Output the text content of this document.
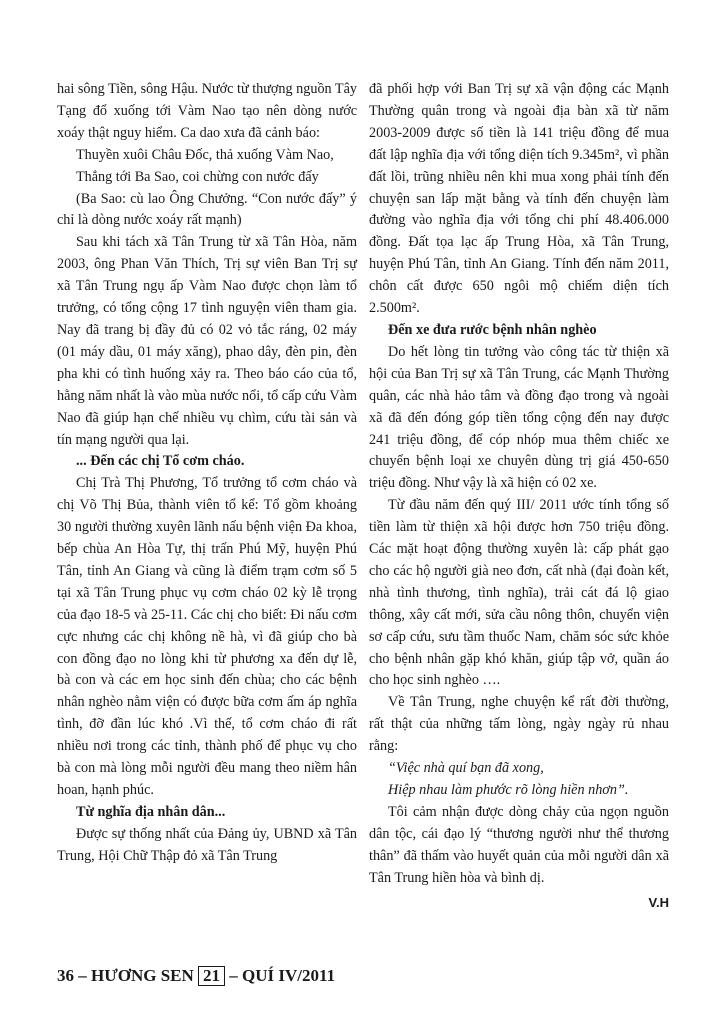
hai sông Tiền, sông Hậu. Nước từ thượng nguồn Tây Tạng đổ xuống tới Vàm Nao tạo nên dòng nước xoáy thật nguy hiểm. Ca dao xưa đã cảnh báo:

Thuyền xuôi Châu Đốc, thả xuống Vàm Nao,

Thẳng tới Ba Sao, coi chừng con nước đấy

(Ba Sao: cù lao Ông Chưởng. “Con nước đấy” ý chỉ là dòng nước xoáy rất mạnh)

Sau khi tách xã Tân Trung từ xã Tân Hòa, năm 2003, ông Phan Văn Thích, Trị sự viên Ban Trị sự xã Tân Trung ngụ ấp Vàm Nao được chọn làm tổ trưởng, có tổng cộng 17 tình nguyện viên tham gia. Nay đã trang bị đầy đủ có 02 vỏ tắc ráng, 02 máy (01 máy dầu, 01 máy xăng), phao dây, đèn pin, đèn pha khi có tình huống xảy ra. Theo báo cáo của tổ, hằng năm nhất là vào mùa nước nổi, tổ cấp cứu Vàm Nao đã giúp hạn chế nhiều vụ chìm, cứu tài sản và tín mạng người qua lại.

... Đến các chị Tổ cơm cháo.

Chị Trà Thị Phương, Tổ trưởng tổ cơm cháo và chị Võ Thị Bủa, thành viên tổ kể: Tổ gồm khoảng 30 người thường xuyên lãnh nấu bệnh viện Đa khoa, bếp chùa An Hòa Tự, thị trấn Phú Mỹ, huyện Phú Tân, tỉnh An Giang và cũng là điểm trạm cơm số 5 tại xã Tân Trung phục vụ cơm cháo 02 kỳ lễ trọng của đạo 18-5 và 25-11. Các chị cho biết: Đi nấu cơm cực nhưng các chị không nề hà, vì đã giúp cho bà con đồng đạo no lòng khi từ phương xa đến dự lễ, bà con và các em học sinh đến chùa; cho các bệnh nhân nghèo nằm viện có được bữa cơm ấm áp nghĩa tình, đỡ đần lúc khó .Vì thế, tổ cơm cháo đi rất nhiều nơi trong các tỉnh, thành phố để phục vụ cho bà con mà lòng mỗi người đều mang theo niềm hân hoan, hạnh phúc.

Từ nghĩa địa nhân dân...

Được sự thống nhất của Đảng ủy, UBND xã Tân Trung, Hội Chữ Thập đỏ xã Tân Trung

đã phối hợp với Ban Trị sự xã vận động các Mạnh Thường quân trong và ngoài địa bàn xã từ năm 2003-2009 được số tiền là 141 triệu đồng để mua đất lập nghĩa địa với tổng diện tích 9.345m², vì phần đất lồi, trũng nhiều nên khi mua xong phải tính đến chuyện san lấp mặt bằng và tính đến chuyện làm đường vào nghĩa địa với tổng chi phí 48.406.000 đồng. Đất tọa lạc ấp Trung Hòa, xã Tân Trung, huyện Phú Tân, tỉnh An Giang. Tính đến năm 2011, chôn cất được 650 ngôi mộ chiếm diện tích 2.500m².

Đến xe đưa rước bệnh nhân nghèo

Do hết lòng tin tưởng vào công tác từ thiện xã hội của Ban Trị sự xã Tân Trung, các Mạnh Thường quân, các nhà hảo tâm và đồng đạo trong và ngoài xã đã đến đóng góp tiền tổng cộng đến nay được 241 triệu đồng, để cóp nhóp mua thêm chiếc xe chuyển bệnh loại xe chuyên dùng trị giá 450-650 triệu đồng. Như vậy là xã hiện có 02 xe.

Từ đầu năm đến quý III/ 2011 ước tính tổng số tiền làm từ thiện xã hội được hơn 750 triệu đồng. Các mặt hoạt động thường xuyên là: cấp phát gạo cho các hộ người già neo đơn, cất nhà (đại đoàn kết, nhà tình thương, tình nghĩa), trải cát đá lộ giao thông, xây cất mới, sửa cầu nông thôn, chuyển viện sơ cấp cứu, sưu tầm thuốc Nam, chăm sóc sức khỏe cho bệnh nhân gặp khó khăn, giúp tập vở, quần áo cho học sinh nghèo ….

Về Tân Trung, nghe chuyện kể rất đời thường, rất thật của những tấm lòng, ngày ngày rủ nhau rằng:

“Việc nhà quí bạn đã xong,

Hiệp nhau làm phước rõ lòng hiền nhơn”.

Tôi cảm nhận được dòng chảy của ngọn nguồn dân tộc, cái đạo lý “thương người như thể thương thân” đã thấm vào huyết quản của mỗi người dân xã Tân Trung hiền hòa và bình dị.

V.H

36 – HƯƠNG SEN 21 – QUÍ IV/2011
